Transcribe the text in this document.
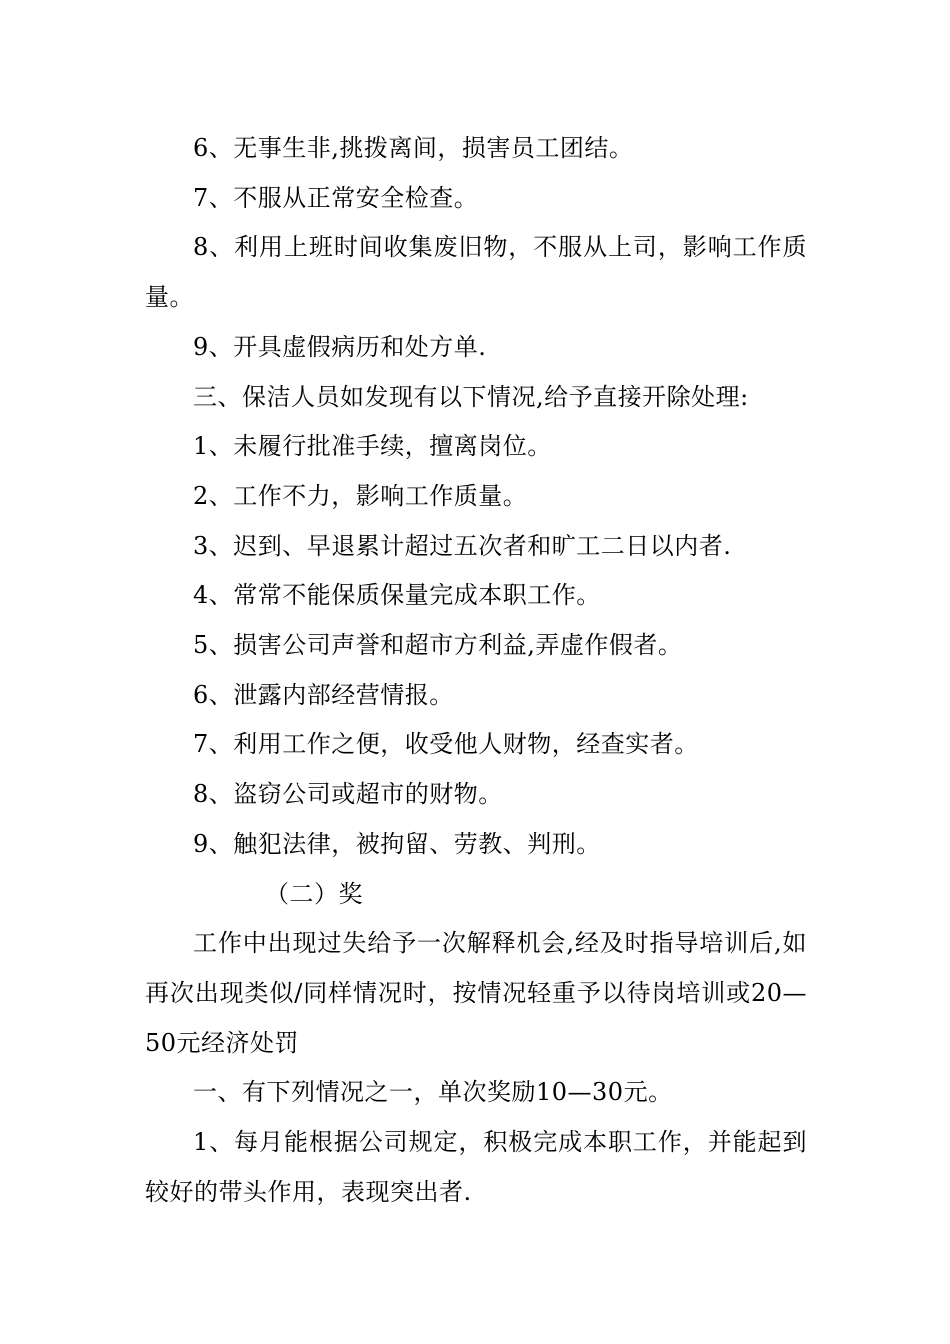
6、无事生非,挑拨离间，损害员工团结。

7、不服从正常安全检查。

8、利用上班时间收集废旧物，不服从上司，影响工作质量。

9、开具虚假病历和处方单.

三、保洁人员如发现有以下情况,给予直接开除处理:

1、未履行批准手续，擅离岗位。

2、工作不力，影响工作质量。

3、迟到、早退累计超过五次者和旷工二日以内者.

4、常常不能保质保量完成本职工作。

5、损害公司声誉和超市方利益,弄虚作假者。

6、泄露内部经营情报。

7、利用工作之便，收受他人财物，经查实者。

8、盗窃公司或超市的财物。

9、触犯法律，被拘留、劳教、判刑。

（二）奖

工作中出现过失给予一次解释机会,经及时指导培训后,如再次出现类似/同样情况时，按情况轻重予以待岗培训或20—50元经济处罚

一、有下列情况之一，单次奖励10—30元。

1、每月能根据公司规定，积极完成本职工作，并能起到较好的带头作用，表现突出者.
